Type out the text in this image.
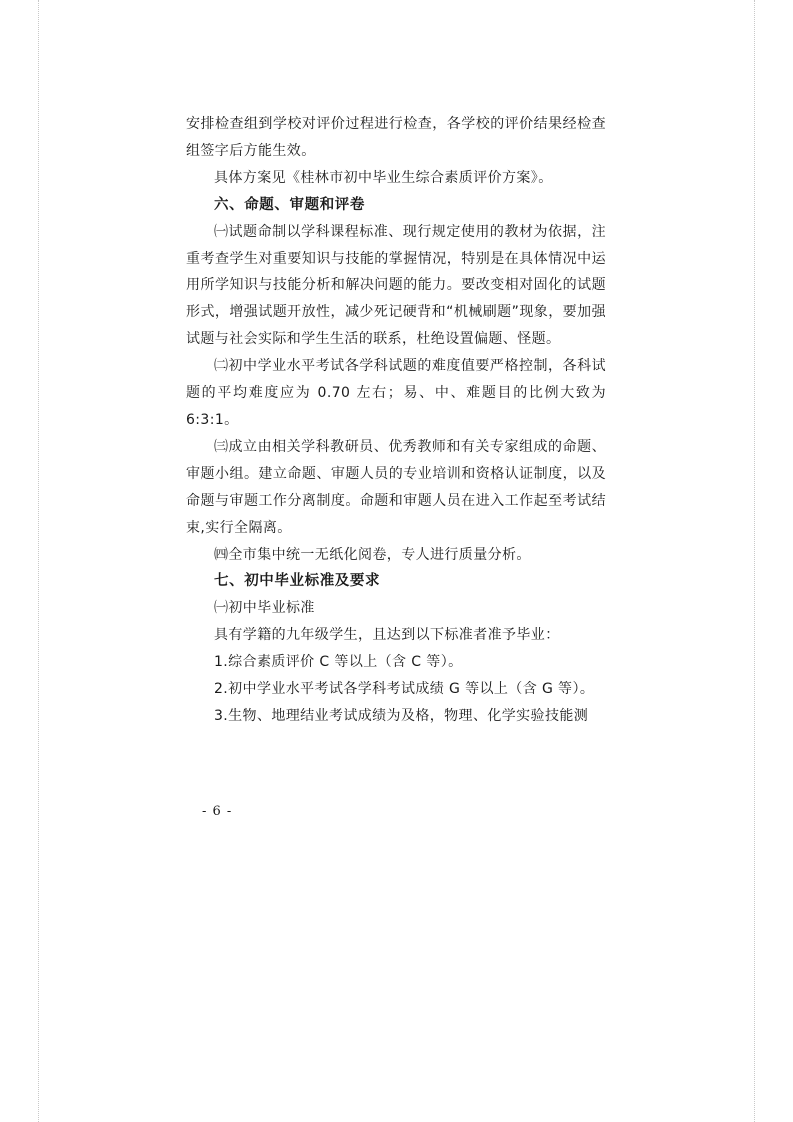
安排检查组到学校对评价过程进行检查，各学校的评价结果经检查组签字后方能生效。

具体方案见《桂林市初中毕业生综合素质评价方案》。

六、命题、审题和评卷

㈠试题命制以学科课程标准、现行规定使用的教材为依据，注重考查学生对重要知识与技能的掌握情况，特别是在具体情况中运用所学知识与技能分析和解决问题的能力。要改变相对固化的试题形式，增强试题开放性，减少死记硬背和“机械刷题”现象，要加强试题与社会实际和学生生活的联系，杜绝设置偏题、怪题。

㈡初中学业水平考试各学科试题的难度值要严格控制，各科试题的平均难度应为 0.70 左右；易、中、难题目的比例大致为6:3:1。

㈢成立由相关学科教研员、优秀教师和有关专家组成的命题、审题小组。建立命题、审题人员的专业培训和资格认证制度，以及命题与审题工作分离制度。命题和审题人员在进入工作起至考试结束,实行全隔离。

㈣全市集中统一无纸化阅卷，专人进行质量分析。

七、初中毕业标准及要求

㈠初中毕业标准

具有学籍的九年级学生，且达到以下标准者准予毕业：

1.综合素质评价 C 等以上（含 C 等）。

2.初中学业水平考试各学科考试成绩 G 等以上（含 G 等）。

3.生物、地理结业考试成绩为及格，物理、化学实验技能测

- 6 -
